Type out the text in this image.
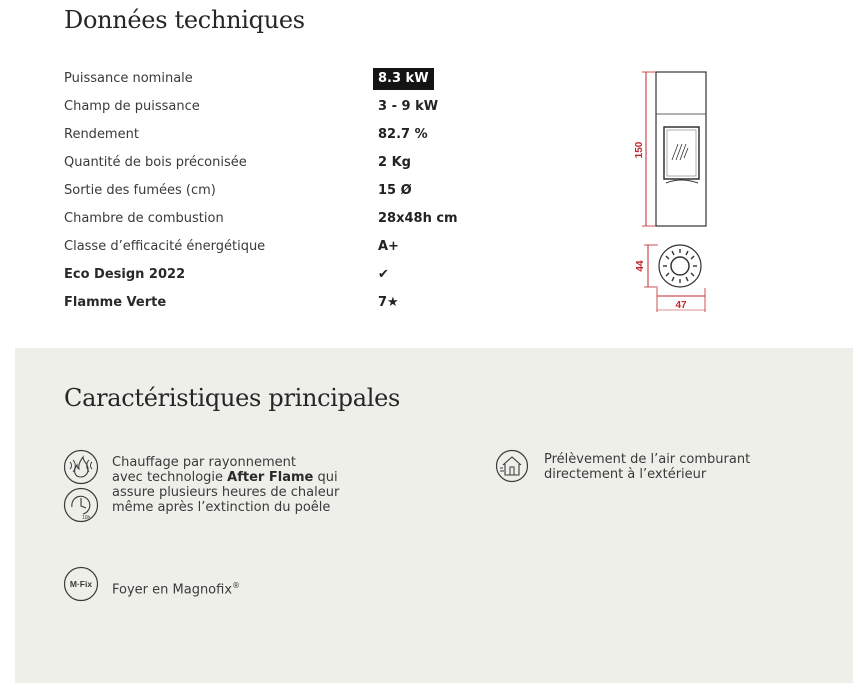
Données techniques
Puissance nominale	8.3 kW
Champ de puissance	3 - 9 kW
Rendement	82.7 %
Quantité de bois préconisée	2 Kg
Sortie des fumées (cm)	15 Ø
Chambre de combustion	28x48h cm
Classe d’efficacité énergétique	A+
Eco Design 2022	✔
Flamme Verte	7★
150
44
47
Caractéristiques principales
10h
Chauffage par rayonnement
avec technologie After Flame qui
assure plusieurs heures de chaleur
même après l’extinction du poêle
Prélèvement de l’air comburant
directement à l’extérieur
M·Fix Foyer en Magnofix®
